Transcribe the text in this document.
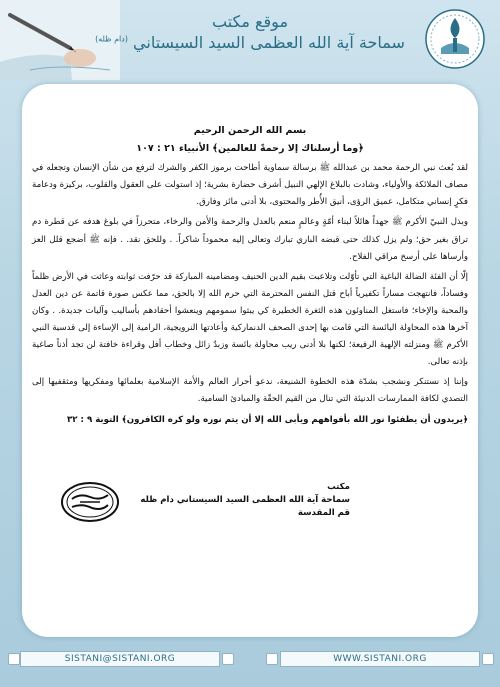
موقع مكتب
سماحة آية الله العظمى السيد السيستاني $^{(دام ظله)}$
بسم الله الرحمن الرحيم
﴿وما أرسلناك إلا رحمةً للعالمين﴾ الأنبياء ٢١ : ١٠٧

لقد بُعث نبي الرحمة محمد بن عبدالله ﷺ برسالة سماوية أطاحت برموز الكفر والشرك لترفع من شأن الإنسان وتجعله في مصاف الملائكة والأولياء، وشادت بالبلاغ الإلهي النبيل أشرف حضارة بشرية؛ إذ استولت على العقول والقلوب، بركيزة ودعامة فكرٍ إنساني متكامل، عميق الرؤى، أنيق الأُطر والمحتوى، بلا أدنى مائز وفارق.

وبذل النبيّ الأكرم ﷺ جهداً هائلاً لبناء أمّةٍ وعالمٍ منعم بالعدل والرحمة والأمن والرخاء، متحرزاً في بلوغ هدفه عن قطرة دم تراق بغير حق؛ ولم يزل كذلك حتى قبضه الباري تبارك وتعالى إليه محموداً شاكراً. . وللحق نقد. . فإنه ﷺ أضجع قلل العز وأرساها على أرسخ مراقي الفلاح.

إلّا أن الفئة الضالة الباغية التي تأوّلت وتلاعبت بقيم الدين الحنيف ومضامينه المباركة قد حرّفت ثوابته وعاثت في الأرض ظلماً وفساداً، فانتهجت مساراً تكفيرياً أباح قتل النفس المحترمة التي حرم الله إلا بالحق، مما عكس صورة قاتمة عن دين العدل والمحبة والإخاء؛ فاستغل المناوئون هذه الثغرة الخطيرة كي يبثوا سمومهم وينعشوا أحقادهم بأساليب وآليات جديدة. . وكان آخرها هذه المحاولة اليائسة التي قامت بها إحدى الصحف الدنماركية وأعادتها النرويجية، الرامية إلى الإساءة إلى قدسية النبي الأكرم ﷺ ومنزلته الإلهية الرفيعة؛ لكنها بلا أدنى ريب محاولة بائسة وزبدٌ زائل وخطاب أفل وقراءة خافتة لن تجد أذناً صاغية بإذنه تعالى.

وإننا إذ نستنكر ونشجب بشدّة هذه الخطوة الشنيعة، ندعو أحرار العالم والأمة الإسلامية بعلمائها ومفكريها ومثقفيها إلى التصدي لكافة الممارسات الدنيئة التي تنال من القيم الحقّة والمبادئ السامية.

﴿يريدون أن يطفئوا نور الله بأفواههم ويأبى الله إلا أن يتم نوره ولو كره الكافرون﴾ التوبة ٩ : ٣٢

مكتب
سماحة آية الله العظمى السيد السيستاني دام ظله
قم المقدسة
SISTANI@SISTANI.ORG	WWW.SISTANI.ORG
